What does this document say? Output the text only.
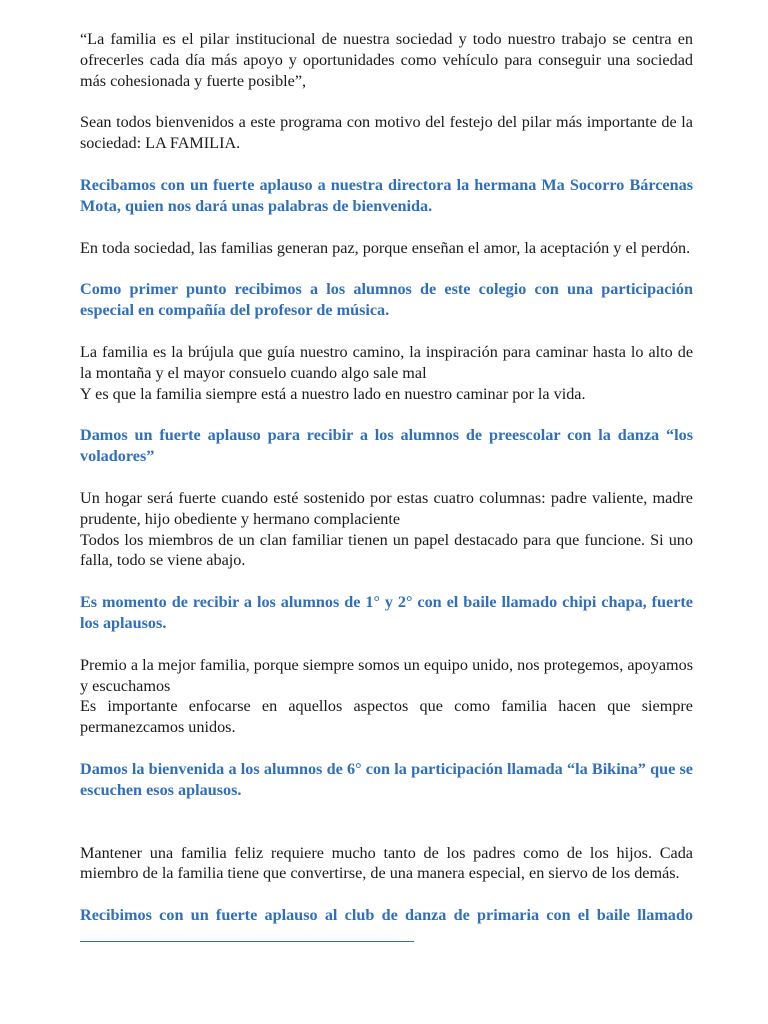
“La familia es el pilar institucional de nuestra sociedad y todo nuestro trabajo se centra en ofrecerles cada día más apoyo y oportunidades como vehículo para conseguir una sociedad más cohesionada y fuerte posible”,

Sean todos bienvenidos a este programa con motivo del festejo del pilar más importante de la sociedad: LA FAMILIA.

Recibamos con un fuerte aplauso a nuestra directora la hermana Ma Socorro Bárcenas Mota, quien nos dará unas palabras de bienvenida.

En toda sociedad, las familias generan paz, porque enseñan el amor, la aceptación y el perdón.

Como primer punto recibimos a los alumnos de este colegio con una participación especial en compañía del profesor de música.

La familia es la brújula que guía nuestro camino, la inspiración para caminar hasta lo alto de la montaña y el mayor consuelo cuando algo sale mal

Y es que la familia siempre está a nuestro lado en nuestro caminar por la vida.

Damos un fuerte aplauso para recibir a los alumnos de preescolar con la danza “los voladores”

Un hogar será fuerte cuando esté sostenido por estas cuatro columnas: padre valiente, madre prudente, hijo obediente y hermano complaciente

Todos los miembros de un clan familiar tienen un papel destacado para que funcione. Si uno falla, todo se viene abajo.

Es momento de recibir a los alumnos de 1° y 2° con el baile llamado chipi chapa, fuerte los aplausos.

Premio a la mejor familia, porque siempre somos un equipo unido, nos protegemos, apoyamos y escuchamos

Es importante enfocarse en aquellos aspectos que como familia hacen que siempre permanezcamos unidos.

Damos la bienvenida a los alumnos de 6° con la participación llamada “la Bikina” que se escuchen esos aplausos.

Mantener una familia feliz requiere mucho tanto de los padres como de los hijos. Cada miembro de la familia tiene que convertirse, de una manera especial, en siervo de los demás.

Recibimos con un fuerte aplauso al club de danza de primaria con el baile llamado
